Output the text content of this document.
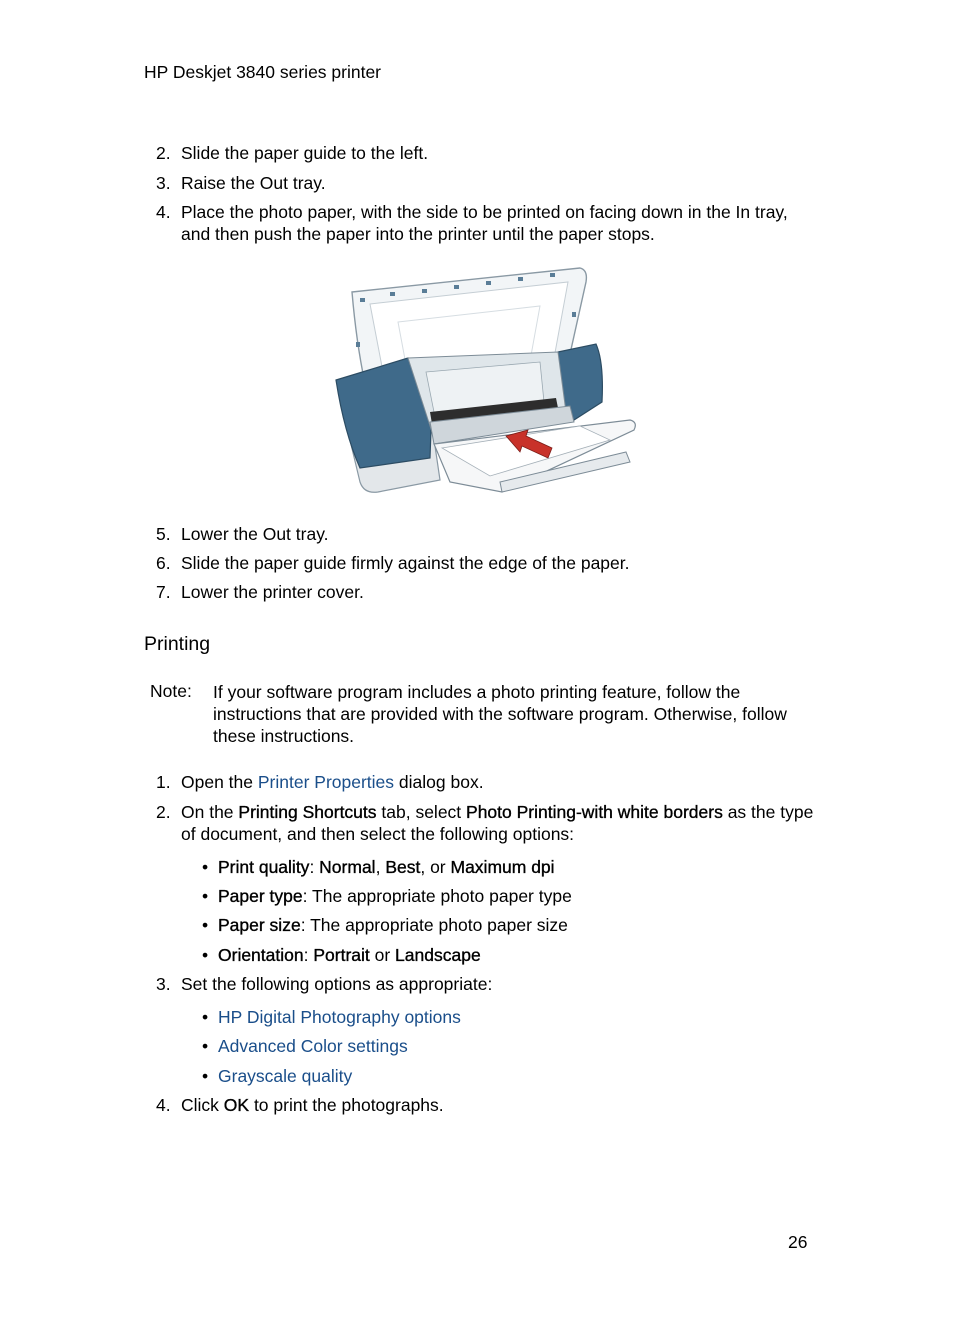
HP Deskjet 3840 series printer
2. Slide the paper guide to the left.
3. Raise the Out tray.
4. Place the photo paper, with the side to be printed on facing down in the In tray, and then push the paper into the printer until the paper stops.
5. Lower the Out tray.
6. Slide the paper guide firmly against the edge of the paper.
7. Lower the printer cover.
Printing
Note: If your software program includes a photo printing feature, follow the instructions that are provided with the software program. Otherwise, follow these instructions.
1. Open the Printer Properties dialog box.
2. On the Printing Shortcuts tab, select Photo Printing-with white borders as the type of document, and then select the following options:
• Print quality: Normal, Best, or Maximum dpi
• Paper type: The appropriate photo paper type
• Paper size: The appropriate photo paper size
• Orientation: Portrait or Landscape
3. Set the following options as appropriate:
• HP Digital Photography options
• Advanced Color settings
• Grayscale quality
4. Click OK to print the photographs.
26
